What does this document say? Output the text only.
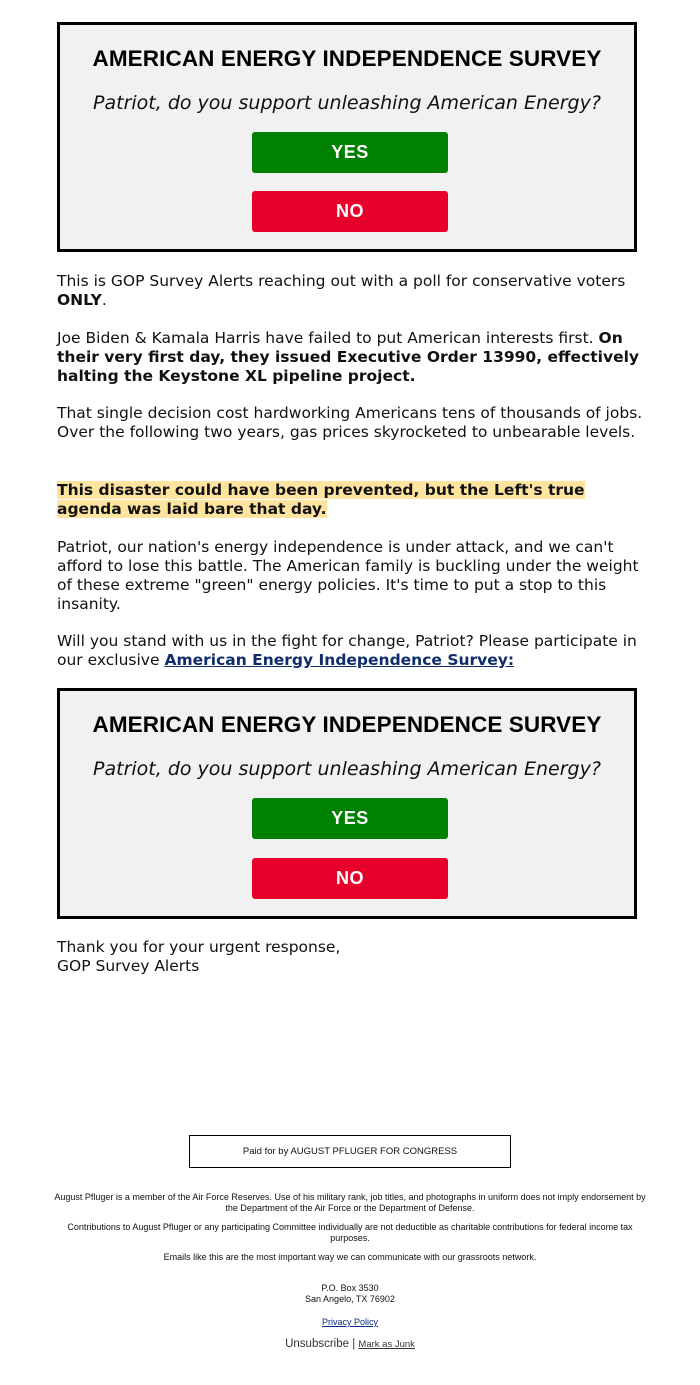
AMERICAN ENERGY INDEPENDENCE SURVEY
Patriot, do you support unleashing American Energy?
YES
NO

This is GOP Survey Alerts reaching out with a poll for conservative voters ONLY.

Joe Biden & Kamala Harris have failed to put American interests first. On their very first day, they issued Executive Order 13990, effectively halting the Keystone XL pipeline project.

That single decision cost hardworking Americans tens of thousands of jobs. Over the following two years, gas prices skyrocketed to unbearable levels.

This disaster could have been prevented, but the Left's true agenda was laid bare that day.

Patriot, our nation's energy independence is under attack, and we can't afford to lose this battle. The American family is buckling under the weight of these extreme "green" energy policies. It's time to put a stop to this insanity.

Will you stand with us in the fight for change, Patriot? Please participate in our exclusive American Energy Independence Survey:

AMERICAN ENERGY INDEPENDENCE SURVEY
Patriot, do you support unleashing American Energy?
YES
NO

Thank you for your urgent response,
GOP Survey Alerts

Paid for by AUGUST PFLUGER FOR CONGRESS

August Pfluger is a member of the Air Force Reserves. Use of his military rank, job titles, and photographs in uniform does not imply endorsement by the Department of the Air Force or the Department of Defense.

Contributions to August Pfluger or any participating Committee individually are not deductible as charitable contributions for federal income tax purposes.

Emails like this are the most important way we can communicate with our grassroots network.

P.O. Box 3530
San Angelo, TX 76902

Privacy Policy

Unsubscribe | Mark as Junk
